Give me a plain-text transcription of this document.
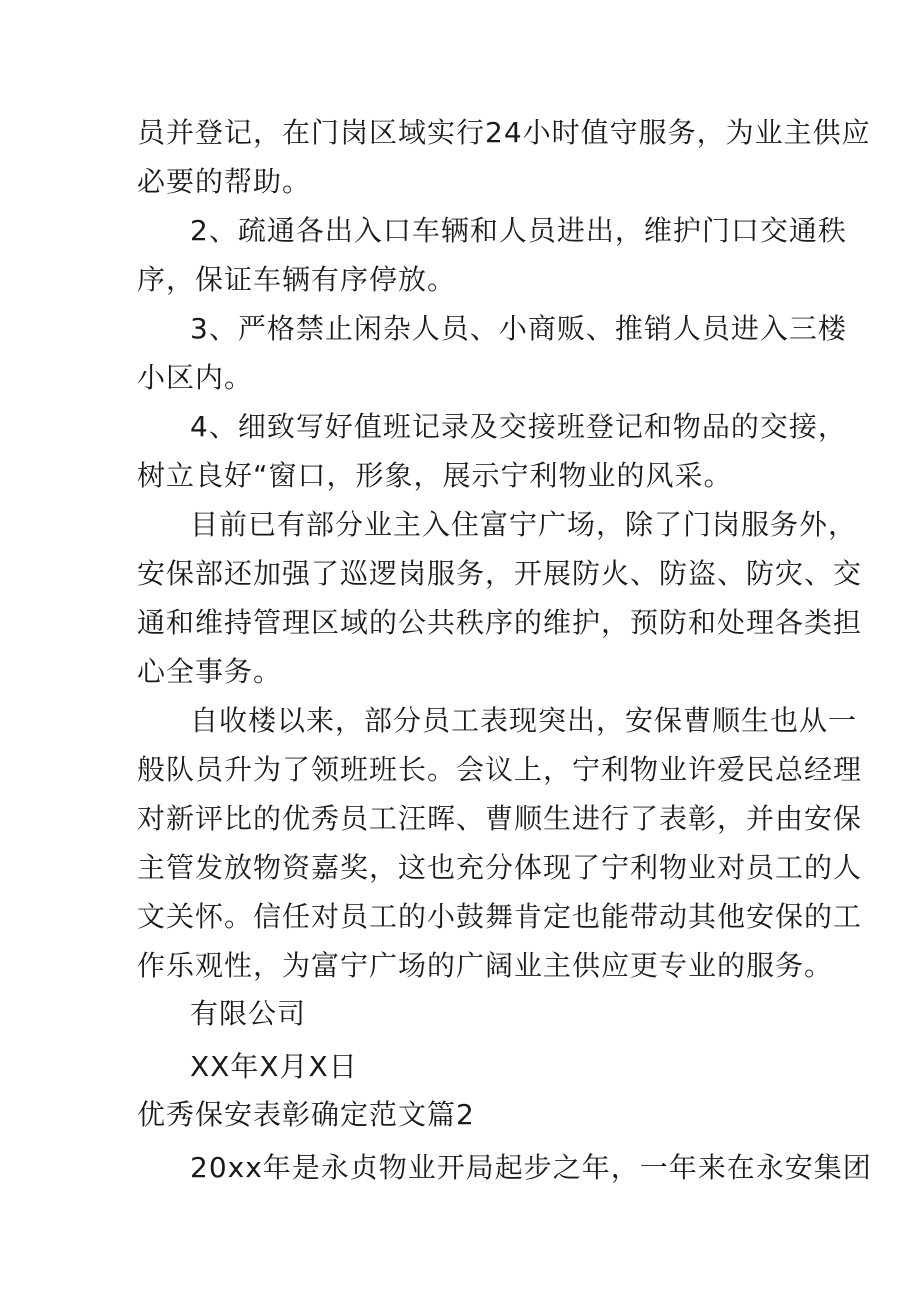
员并登记，在门岗区域实行24小时值守服务，为业主供应
必要的帮助。
2、疏通各出入口车辆和人员进出，维护门口交通秩
序，保证车辆有序停放。
3、严格禁止闲杂人员、小商贩、推销人员进入三楼
小区内。
4、细致写好值班记录及交接班登记和物品的交接，
树立良好“窗口，形象，展示宁利物业的风采。
目前已有部分业主入住富宁广场，除了门岗服务外，
安保部还加强了巡逻岗服务，开展防火、防盗、防灾、交
通和维持管理区域的公共秩序的维护，预防和处理各类担
心全事务。
自收楼以来，部分员工表现突出，安保曹顺生也从一
般队员升为了领班班长。会议上，宁利物业许爱民总经理
对新评比的优秀员工汪晖、曹顺生进行了表彰，并由安保
主管发放物资嘉奖，这也充分体现了宁利物业对员工的人
文关怀。信任对员工的小鼓舞肯定也能带动其他安保的工
作乐观性，为富宁广场的广阔业主供应更专业的服务。
有限公司
XX年X月X日
优秀保安表彰确定范文篇2
20xx年是永贞物业开局起步之年，一年来在永安集团
